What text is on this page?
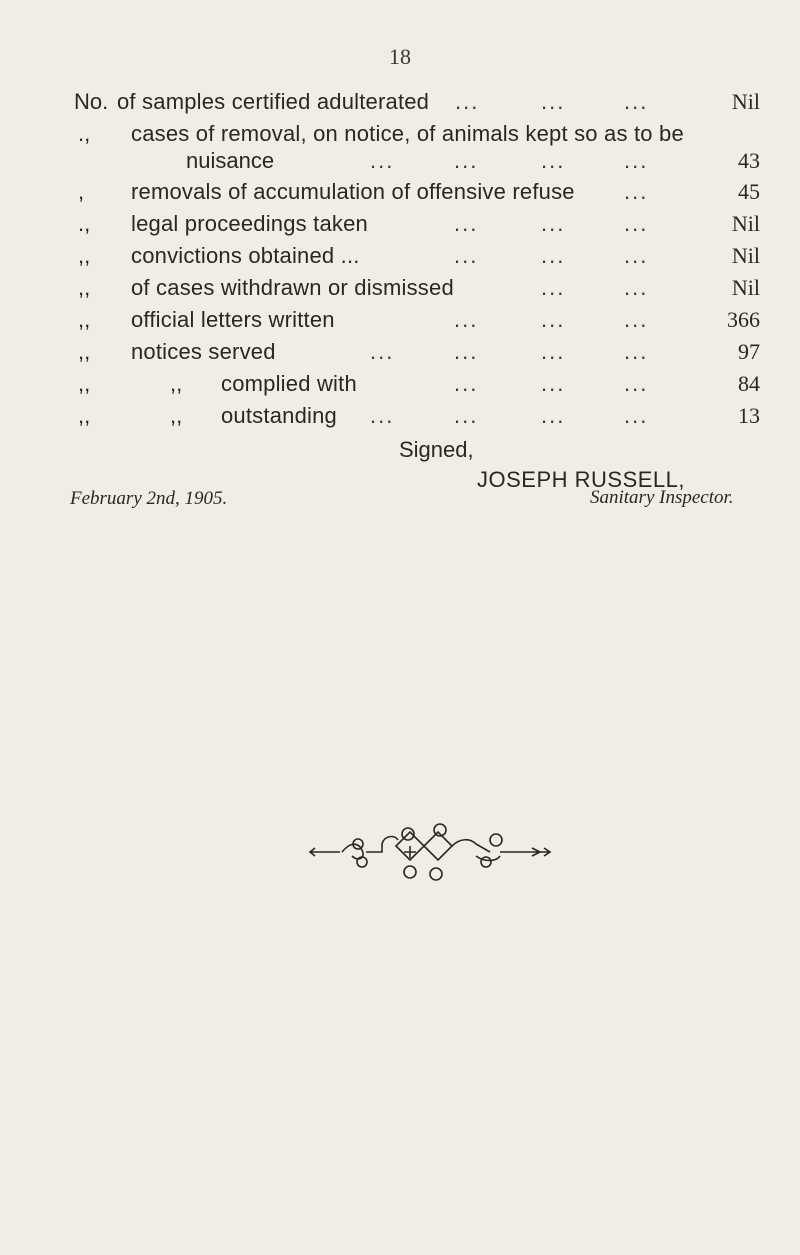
18
No. of samples certified adulterated ...	...	...	Nil
.,	cases of removal, on notice, of animals kept so as to be
nuisance	...	...	...	...	43
,	removals of accumulation of offensive refuse ...	45
.,	legal proceedings taken	...	...	...	Nil
,,	convictions obtained ...	...	...	...	Nil
,,	of cases withdrawn or dismissed	...	...	Nil
,,	official letters written	...	...	...	366
,,	notices served	...	...	...	...	97
,,	,, complied with	...	...	...	84
,,	,, outstanding ...	...	...	...	13
Signed,
JOSEPH RUSSELL,
February 2nd, 1905.	Sanitary Inspector.
